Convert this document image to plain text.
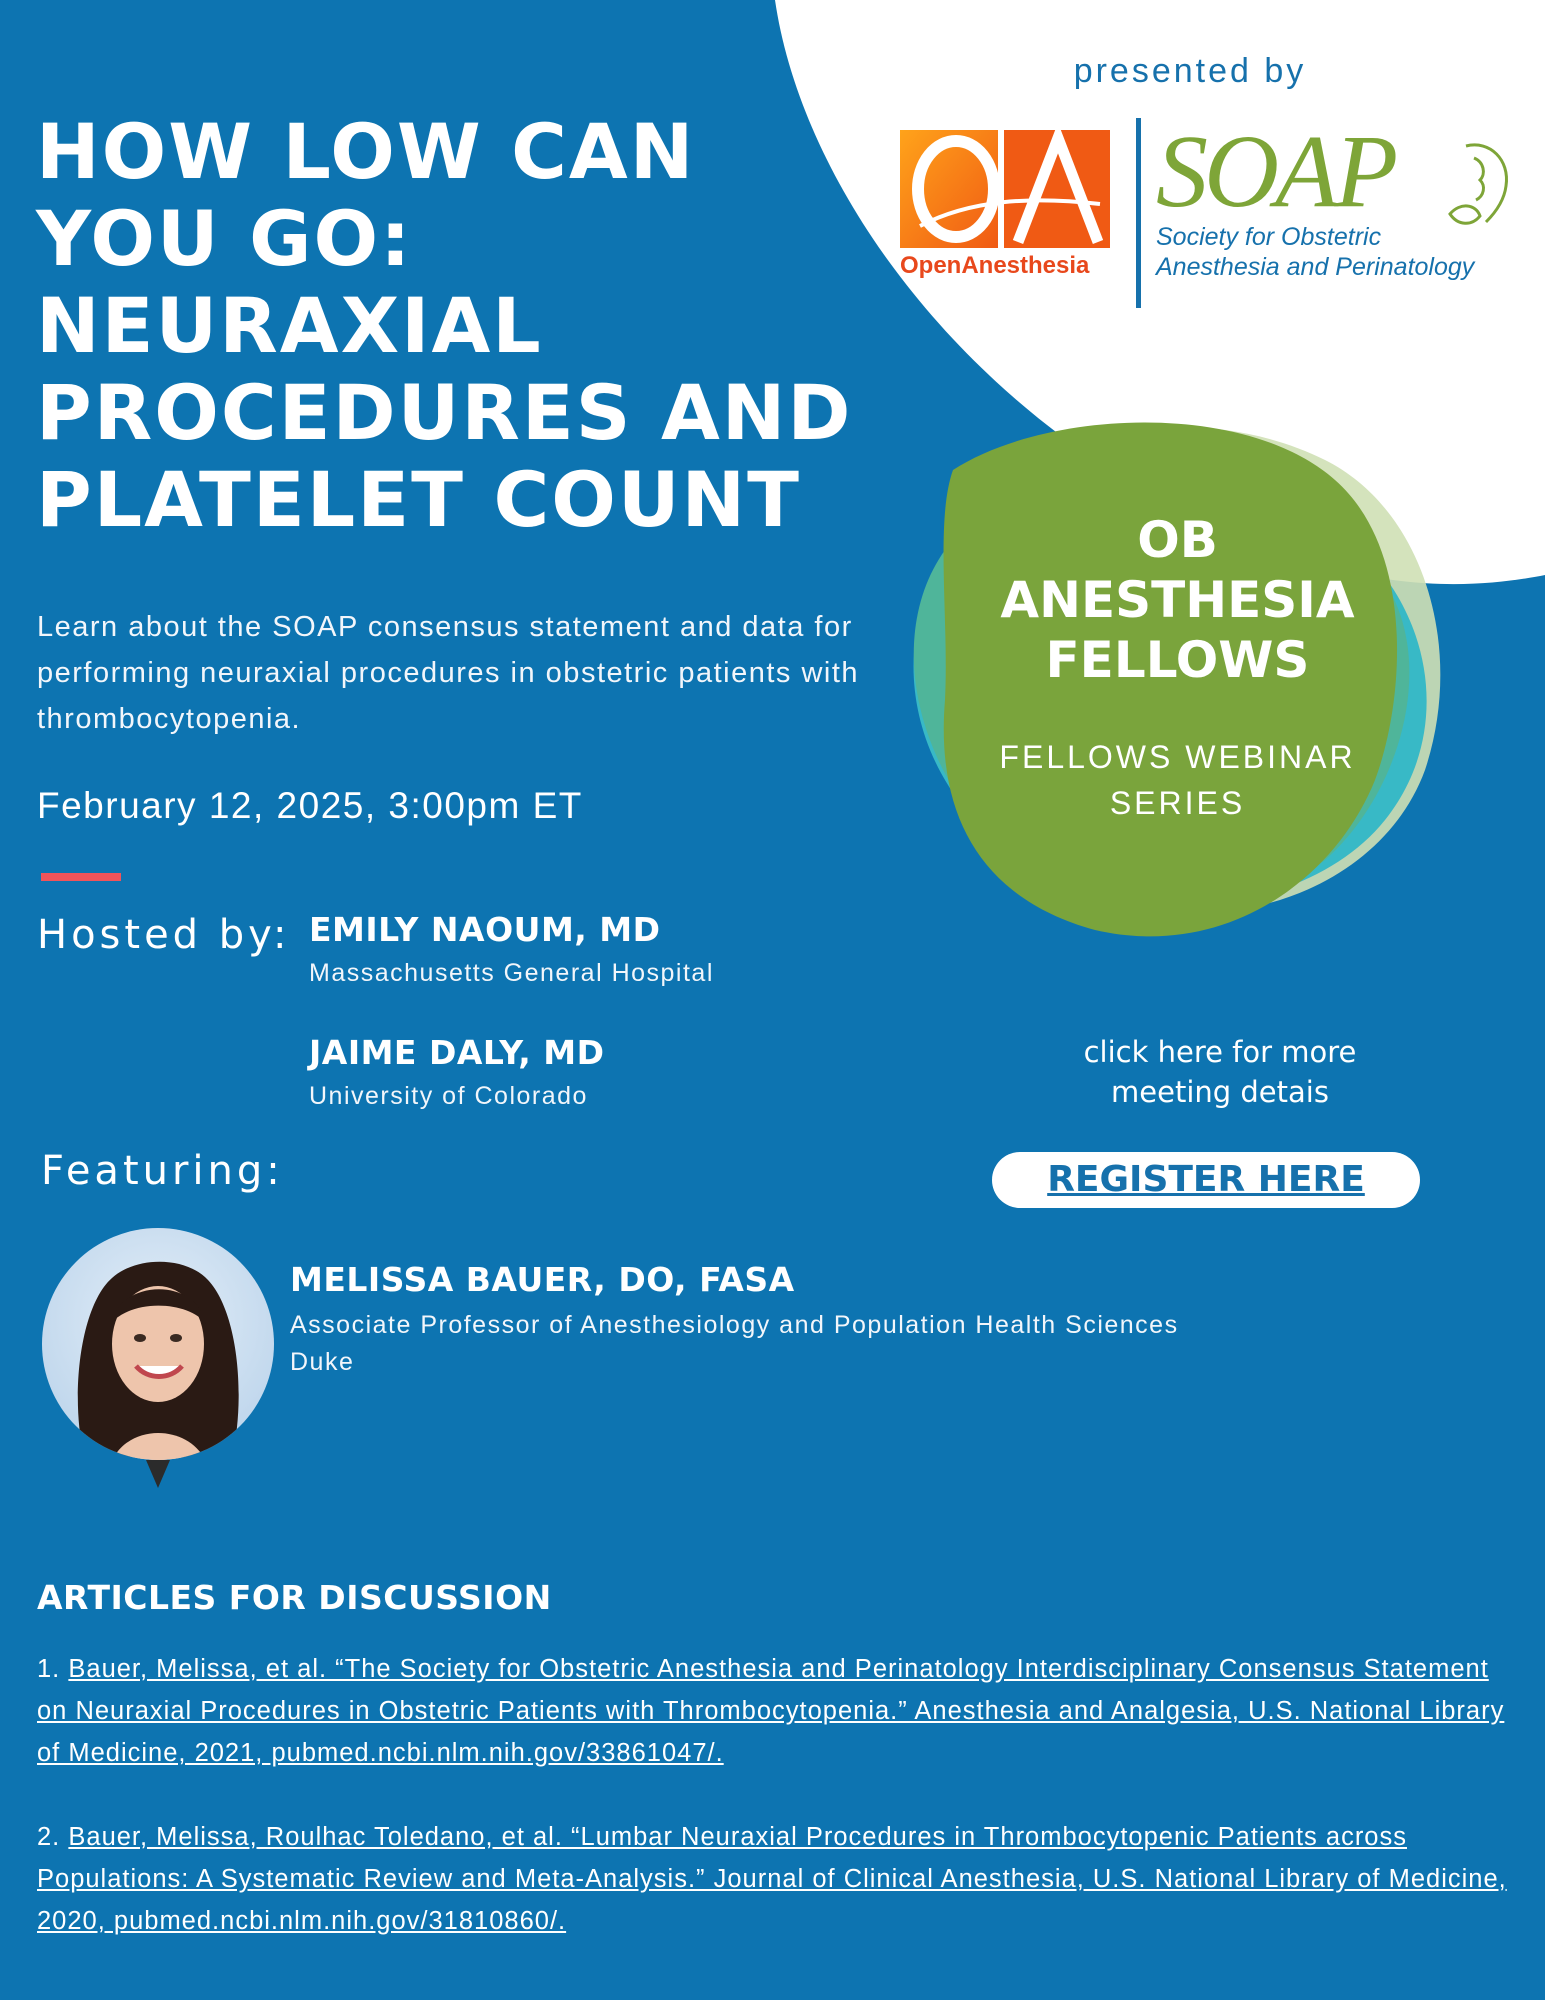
presented by
OpenAnesthesia
SOAP
Society for Obstetric
Anesthesia and Perinatology
HOW LOW CAN
YOU GO:
NEURAXIAL
PROCEDURES AND
PLATELET COUNT

Learn about the SOAP consensus statement and data for performing neuraxial procedures in obstetric patients with thrombocytopenia.

February 12, 2025, 3:00pm ET
Hosted by: EMILY NAOUM, MD
Massachusetts General Hospital
JAIME DALY, MD
University of Colorado
Featuring:
MELISSA BAUER, DO, FASA
Associate Professor of Anesthesiology and Population Health Sciences
Duke
OB
ANESTHESIA
FELLOWS
FELLOWS WEBINAR
SERIES
click here for more
meeting detais
REGISTER HERE
ARTICLES FOR DISCUSSION
1. Bauer, Melissa, et al. “The Society for Obstetric Anesthesia and Perinatology Interdisciplinary Consensus Statement on Neuraxial Procedures in Obstetric Patients with Thrombocytopenia.” Anesthesia and Analgesia, U.S. National Library of Medicine, 2021, pubmed.ncbi.nlm.nih.gov/33861047/.
2. Bauer, Melissa, Roulhac Toledano, et al. “Lumbar Neuraxial Procedures in Thrombocytopenic Patients across Populations: A Systematic Review and Meta-Analysis.” Journal of Clinical Anesthesia, U.S. National Library of Medicine, 2020, pubmed.ncbi.nlm.nih.gov/31810860/.
